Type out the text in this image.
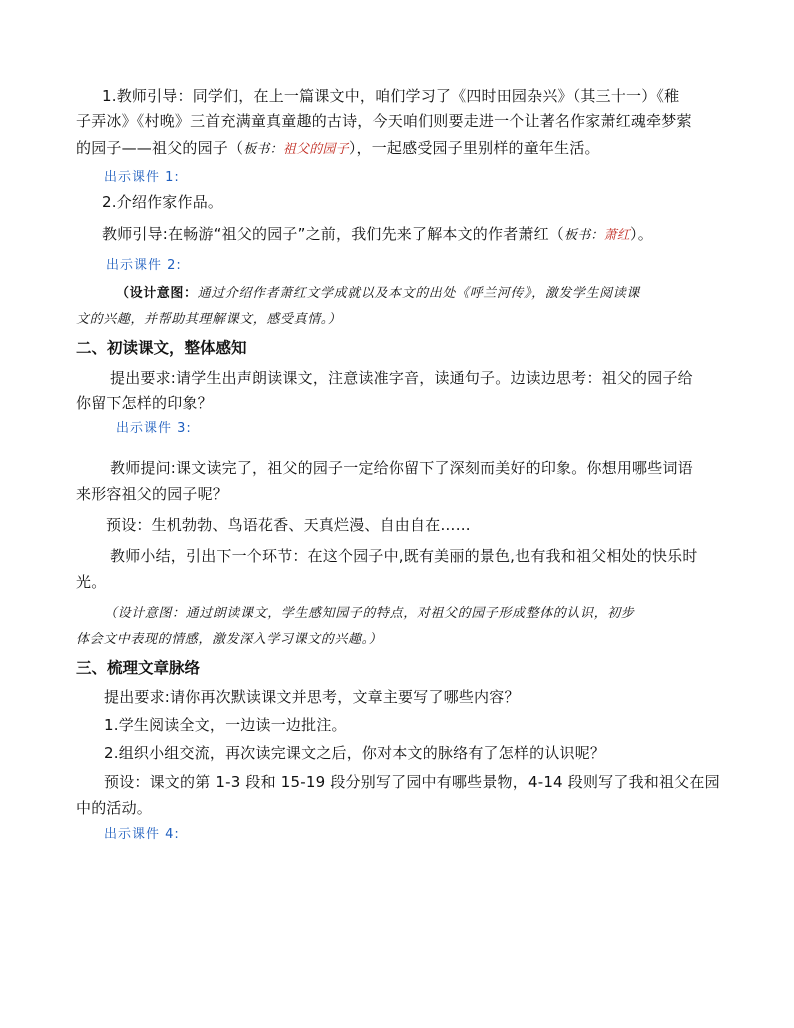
1.教师引导：同学们，在上一篇课文中，咱们学习了《四时田园杂兴》（其三十一）《稚
子弄冰》《村晚》三首充满童真童趣的古诗，今天咱们则要走进一个让著名作家萧红魂牵梦萦
的园子——祖父的园子（板书：祖父的园子），一起感受园子里别样的童年生活。
出示课件 1:
2.介绍作家作品。
教师引导:在畅游“祖父的园子”之前，我们先来了解本文的作者萧红（板书：萧红）。
出示课件 2:
（设计意图：通过介绍作者萧红文学成就以及本文的出处《呼兰河传》，激发学生阅读课
文的兴趣，并帮助其理解课文，感受真情。）
二、初读课文，整体感知
提出要求:请学生出声朗读课文，注意读准字音，读通句子。边读边思考：祖父的园子给
你留下怎样的印象？
出示课件 3:
教师提问:课文读完了，祖父的园子一定给你留下了深刻而美好的印象。你想用哪些词语
来形容祖父的园子呢？
预设：生机勃勃、鸟语花香、天真烂漫、自由自在……
教师小结，引出下一个环节：在这个园子中,既有美丽的景色,也有我和祖父相处的快乐时
光。
（设计意图：通过朗读课文，学生感知园子的特点，对祖父的园子形成整体的认识，初步
体会文中表现的情感，激发深入学习课文的兴趣。）
三、梳理文章脉络
提出要求:请你再次默读课文并思考，文章主要写了哪些内容？
1.学生阅读全文，一边读一边批注。
2.组织小组交流，再次读完课文之后，你对本文的脉络有了怎样的认识呢？
预设：课文的第 1-3 段和 15-19 段分别写了园中有哪些景物，4-14 段则写了我和祖父在园
中的活动。
出示课件 4:
